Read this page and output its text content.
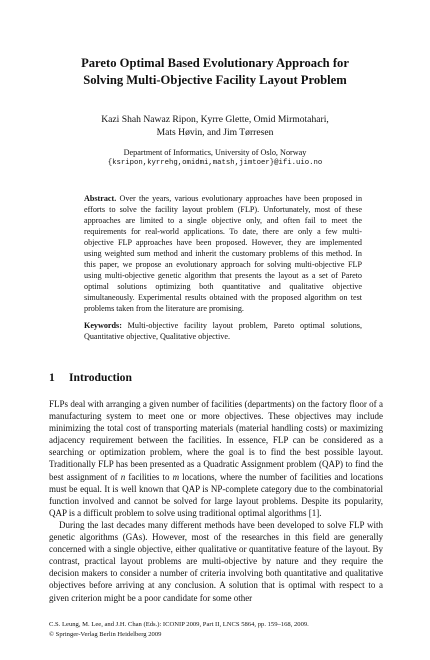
Pareto Optimal Based Evolutionary Approach for
Solving Multi-Objective Facility Layout Problem
Kazi Shah Nawaz Ripon, Kyrre Glette, Omid Mirmotahari,
Mats Høvin, and Jim Tørresen
Department of Informatics, University of Oslo, Norway
{ksripon,kyrrehg,omidmi,matsh,jimtoer}@ifi.uio.no

Abstract. Over the years, various evolutionary approaches have been proposed in efforts to solve the facility layout problem (FLP). Unfortunately, most of these approaches are limited to a single objective only, and often fail to meet the requirements for real-world applications. To date, there are only a few multi-objective FLP approaches have been proposed. However, they are implemented using weighted sum method and inherit the customary problems of this method. In this paper, we propose an evolutionary approach for solving multi-objective FLP using multi-objective genetic algorithm that presents the layout as a set of Pareto optimal solutions optimizing both quantitative and qualitative objective simultaneously. Experimental results obtained with the proposed algorithm on test problems taken from the literature are promising.

Keywords: Multi-objective facility layout problem, Pareto optimal solutions, Quantitative objective, Qualitative objective.

1 Introduction

FLPs deal with arranging a given number of facilities (departments) on the factory floor of a manufacturing system to meet one or more objectives. These objectives may include minimizing the total cost of transporting materials (material handling costs) or maximizing adjacency requirement between the facilities. In essence, FLP can be considered as a searching or optimization problem, where the goal is to find the best possible layout. Traditionally FLP has been presented as a Quadratic Assignment problem (QAP) to find the best assignment of n facilities to m locations, where the number of facilities and locations must be equal. It is well known that QAP is NP-complete category due to the combinatorial function involved and cannot be solved for large layout problems. Despite its popularity, QAP is a difficult problem to solve using traditional optimal algorithms [1].

During the last decades many different methods have been developed to solve FLP with genetic algorithms (GAs). However, most of the researches in this field are generally concerned with a single objective, either qualitative or quantitative feature of the layout. By contrast, practical layout problems are multi-objective by nature and they require the decision makers to consider a number of criteria involving both quantitative and qualitative objectives before arriving at any conclusion. A solution that is optimal with respect to a given criterion might be a poor candidate for some other

C.S. Leung, M. Lee, and J.H. Chan (Eds.): ICONIP 2009, Part II, LNCS 5864, pp. 159–168, 2009.
© Springer-Verlag Berlin Heidelberg 2009
